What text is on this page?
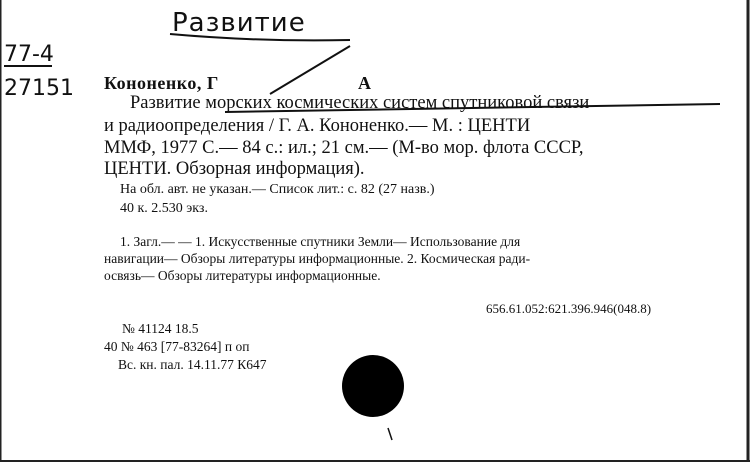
Развитие
77-4
27151 Кононенко, Г	А
Развитие морских космических систем спутниковой связи
и радиоопределения / Г. А. Кононенко.— М. : ЦЕНТИ
ММФ, 1977 С.— 84 с.: ил.; 21 см.— (М-во мор. флота СССР,
ЦЕНТИ. Обзорная информация).
На обл. авт. не указан.— Список лит.: с. 82 (27 назв.)
40 к. 2.530 экз.
1. Загл.— — 1. Искусственные спутники Земли— Использование для
навигации— Обзоры литературы информационные. 2. Космическая ради-
освязь— Обзоры литературы информационные.
656.61.052:621.396.946(048.8)
№ 41124 18.5
40 № 463 [77-83264] п оп
Вс. кн. пал. 14.11.77 К647
